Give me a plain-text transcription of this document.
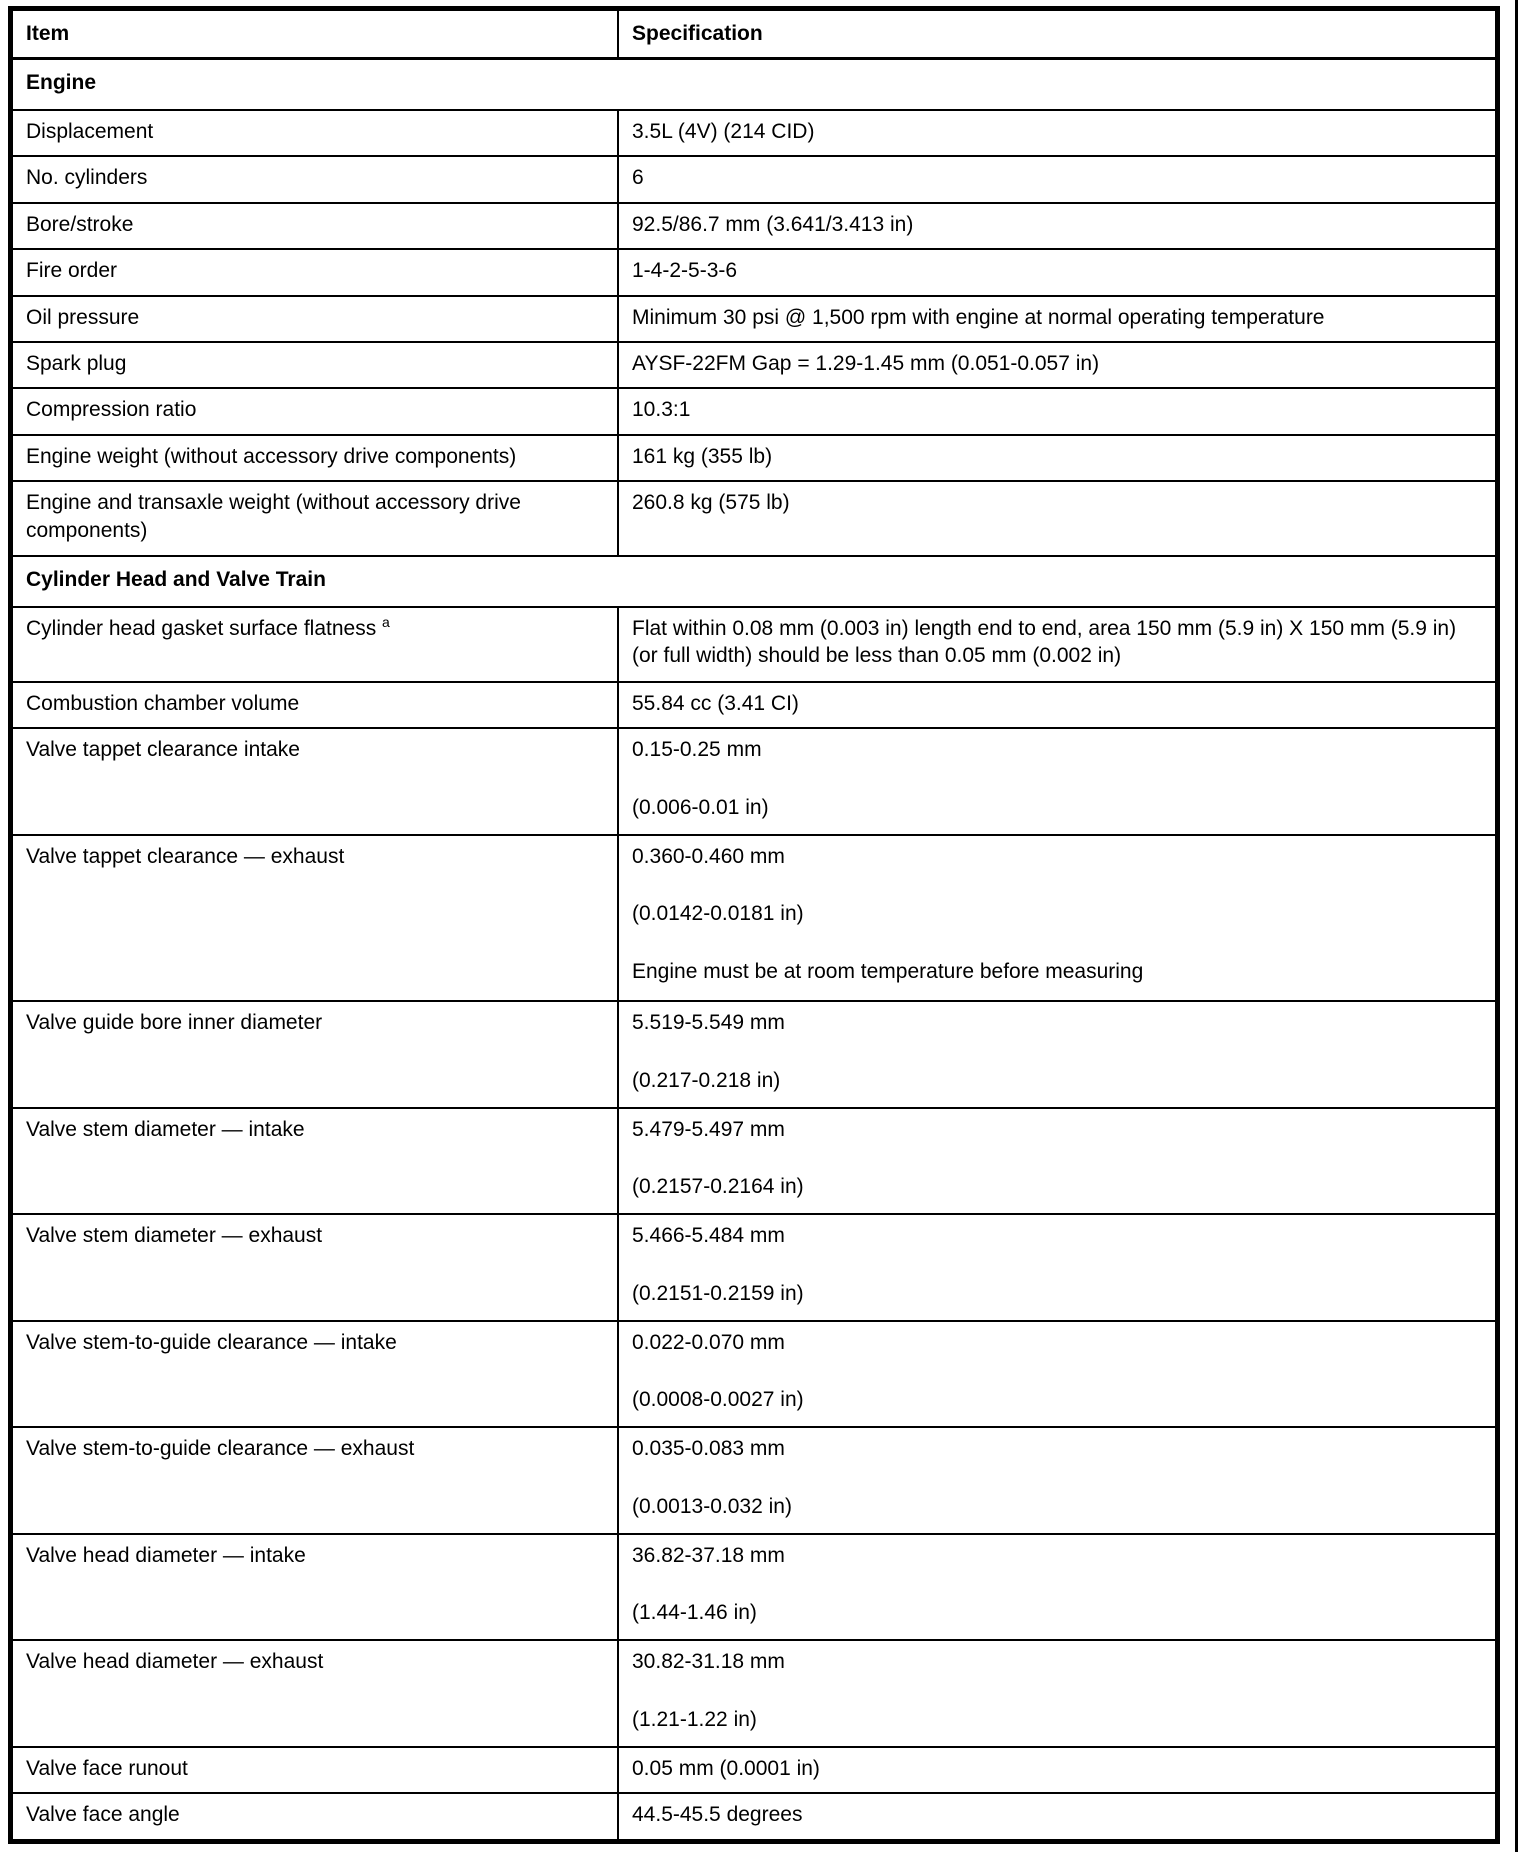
Item	Specification
Engine	
Displacement	3.5L (4V) (214 CID)

No. cylinders	6

Bore/stroke	92.5/86.7 mm (3.641/3.413 in)

Fire order	1-4-2-5-3-6

Oil pressure	Minimum 30 psi @ 1,500 rpm with engine at normal operating temperature

Spark plug	AYSF-22FM Gap = 1.29-1.45 mm (0.051-0.057 in)

Compression ratio	10.3:1

Engine weight (without accessory drive components)	161 kg (355 lb)

Engine and transaxle weight (without accessory drive components)	260.8 kg (575 lb)

Cylinder Head and Valve Train	
Cylinder head gasket surface flatness $^a$	Flat within 0.08 mm (0.003 in) length end to end, area 150 mm (5.9 in) X 150 mm (5.9 in) (or full width) should be less than 0.05 mm (0.002 in)

Combustion chamber volume	55.84 cc (3.41 CI)

Valve tappet clearance intake	0.15-0.25 mm

(0.006-0.01 in)

Valve tappet clearance — exhaust	0.360-0.460 mm

(0.0142-0.0181 in)

Engine must be at room temperature before measuring

Valve guide bore inner diameter	5.519-5.549 mm

(0.217-0.218 in)

Valve stem diameter — intake	5.479-5.497 mm

(0.2157-0.2164 in)

Valve stem diameter — exhaust	5.466-5.484 mm

(0.2151-0.2159 in)

Valve stem-to-guide clearance — intake	0.022-0.070 mm

(0.0008-0.0027 in)

Valve stem-to-guide clearance — exhaust	0.035-0.083 mm

(0.0013-0.032 in)

Valve head diameter — intake	36.82-37.18 mm

(1.44-1.46 in)

Valve head diameter — exhaust	30.82-31.18 mm

(1.21-1.22 in)

Valve face runout	0.05 mm (0.0001 in)

Valve face angle	44.5-45.5 degrees
